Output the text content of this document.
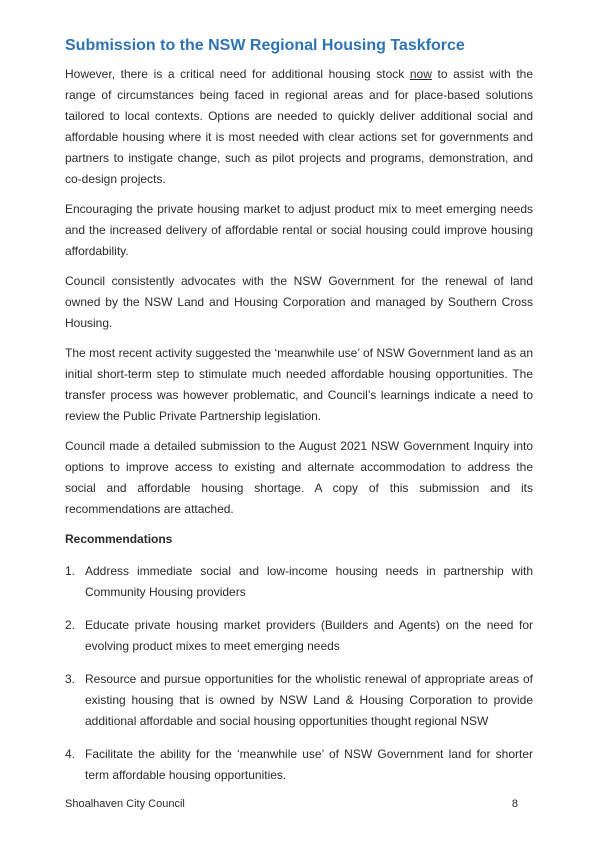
Submission to the NSW Regional Housing Taskforce

However, there is a critical need for additional housing stock now to assist with the range of circumstances being faced in regional areas and for place-based solutions tailored to local contexts. Options are needed to quickly deliver additional social and affordable housing where it is most needed with clear actions set for governments and partners to instigate change, such as pilot projects and programs, demonstration, and co-design projects.

Encouraging the private housing market to adjust product mix to meet emerging needs and the increased delivery of affordable rental or social housing could improve housing affordability.

Council consistently advocates with the NSW Government for the renewal of land owned by the NSW Land and Housing Corporation and managed by Southern Cross Housing.

The most recent activity suggested the ‘meanwhile use’ of NSW Government land as an initial short-term step to stimulate much needed affordable housing opportunities. The transfer process was however problematic, and Council’s learnings indicate a need to review the Public Private Partnership legislation.

Council made a detailed submission to the August 2021 NSW Government Inquiry into options to improve access to existing and alternate accommodation to address the social and affordable housing shortage. A copy of this submission and its recommendations are attached.

Recommendations
1. Address immediate social and low-income housing needs in partnership with Community Housing providers
2. Educate private housing market providers (Builders and Agents) on the need for evolving product mixes to meet emerging needs
3. Resource and pursue opportunities for the wholistic renewal of appropriate areas of existing housing that is owned by NSW Land & Housing Corporation to provide additional affordable and social housing opportunities thought regional NSW
4. Facilitate the ability for the ‘meanwhile use’ of NSW Government land for shorter term affordable housing opportunities.
Shoalhaven City Council	8
